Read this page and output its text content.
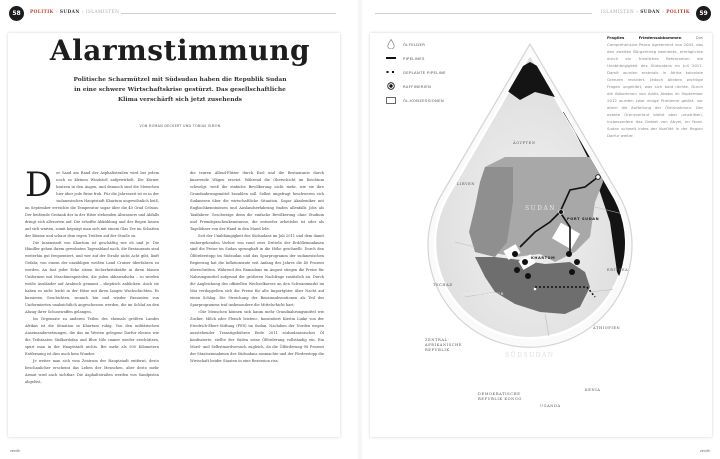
58	POLITIK › SUDAN › ISLAMISTEN	ISLAMISTEN › SUDAN › POLITIK	59
Alarmstimmung
Politische Scharmützel mit Südsudan haben die Republik Sudan in eine schwere Wirtschaftskrise gestürzt. Das gesellschaftliche Klima verschärft sich jetzt zusehends
VON ROMAN DECKERT UND TOBIAS SIMON

D er Sand am Rand der Asphaltstraßen wird bei jedem noch so kleinen Windstoß aufgewirbelt. Die Körner kratzen in den Augen, und dennoch sind die Menschen hier über jede Brise froh. Für die Jahreszeit ist es in der sudanesischen Hauptstadt Khartum ungewöhnlich heiß, im September erreichte die Temperatur sogar über die 40 Grad Celsius. Der beißende Gestank der in der Hitze stehenden Abwassers und Abfalls dringt sich allerorten auf. Die erhoffte Abkühlung und der Regen lassen auf sich warten, somit begnügt man sich mit einem Glas Tee im Schatten der Bäume und schaut dem regen Treiben auf der Straße zu.

Die Innenstadt von Khartum ist geschäftig wie eh und je. Die Händler gehen ihrem gewohnten Tagesablauf nach, die Restaurants sind weiterhin gut frequentiert, und wer auf der Straße nicht Acht gibt, läuft Gefahr, von einem der unzähligen weißen Land Cruiser überfahren zu werden. An fast jeder Ecke sitzen Sicherheitskräfte in ihren blauen Uniformen mit Maschinenpistolen, die jeden skhawadscha – so werden weiße Ausländer auf Arabisch genannt – skeptisch anblicken. Auch sie haben es nicht leicht in der Hitze mit ihren langen Wachschichten. Es kursieren Geschichten, wonach hin und wieder Passanten von Uniformierten unabsichtlich angeschossen werden, die im Schlaf an den Abzug ihrer Schusswaffen gelangen.

Im Gegensatz zu anderen Teilen des ehemals größten Landes Afrikas ist die Situation in Khartum ruhig. Von den militärischen Auseinandersetzungen, die das im Westen gelegene Darfur ebenso wie die Teilstaaten Südkordofan und Blue Nile immer wieder erschüttern, spürt man in der Hauptstadt nichts. Bei mehr als 500 Kilometern Entfernung ist dies auch kein Wunder.

Je weiter man sich vom Zentrum der Hauptstadt entfernt, desto beschaulicher erscheint das Leben der Menschen, aber desto mehr Armut wird auch sichtbar. Die Asphaltstraßen werden von Sandpisten abgelöst,

die teuren Allrad-Flitzer durch Esel und die Restaurants durch knarrende Wägen ersetzt. Während die Oberschicht im Reichtum schwelgt, weiß die einfache Bevölkerung nicht mehr, wie sie ihre Grundnahrungsmittel bezahlen soll. Selbst ungefragt beschweren sich Sudanesen über die wirtschaftliche Situation. Sogar Akademiker mit Englischkenntnissen und Auslandserfahrung finden allenfalls Jobs als Taxifahrer. Geschweige denn die einfache Bevölkerung ohne Studium und Fremdsprachenkenntnisse, die entweder arbeitslos ist oder als Tagelöhner von der Hand in den Mund lebt.

Seit der Unabhängigkeit des Südsudans im Juli 2011 und dem damit einhergehenden Verlust von rund zwei Dritteln der Erdölleinnahmen sind die Preise im Sudan sprunghaft in die Höhe geschnellt. Durch den Ölförderstopp im Südsudan und das Sparprogramm der sudanesischen Regierung hat die Inflationsrate seit Anfang des Jahres die 40 Prozent überschritten. Während des Ramadans im August stiegen die Preise für Nahrungsmittel aufgrund der größeren Nachfrage zusätzlich an. Durch die Angleichung des offiziellen Wechselkurses an den Schwarzmarkt im Mai verdoppelten sich die Preise für alle Importgüter über Nacht auf einen Schlag. Die Streichung der Benzinsubventionen als Teil des Sparprogramms traf insbesondere die Mittelschicht hart.

»Die Menschen können sich kaum mehr Grundnahrungsmittel wie Zucker, Milch oder Fleisch leisten«, konstatiert Kirstin Linke von der Friedrich-Ebert-Stiftung (FES) im Sudan. Nachdem der Norden wegen ausstehender Transitgebühren Ende 2011 südsudanesisches Öl konfiszierte, stellte der Süden seine Ölförderung vollständig ein. Ein Mord- und Selbstmordversuch zugleich, da die Ölförderung 98 Prozent der Staatseinnahmen des Südsudans ausmachte und der Förderstopp die Wirtschaft beider Staaten in eine Rezession riss.

ÖLFELDER
PIPELINES
GEPLANTE PIPELINE
RAFFINERIEN
ÖL-KONZESSIONEN
Fragiles Friedensabkommen	Das Comprehensive Peace Agreement von 2005, das den zweiten Bürgerkrieg beendete, ermöglichte durch ein friedliches Referendum die Unabhängigkeit des Südsudans im Juli 2011. Damit wurden erstmals in Afrika koloniale Grenzen revidiert. Jedoch blieben wichtige Fragen ungeklärt, was sich bald rächte. Durch die Abkommen von Addis Abeba im September 2012 wurden zwar einige Probleme gelöst, vor allem die Aufteilung der Öleinnahmen. Der exakte Grenzverlauf bleibt aber umstritten, insbesondere das Gebiet von Abyei, im Nord-Sudan schwelt indes der Konflikt in der Region Darfur weiter.
ÄGYPTEN
LIBYEN
SUDAN
PORT SUDAN
KHARTUM
ERITREA
TSCHAD
REGION DARFUR
ÄTHIOPIEN
ZENTRAL-
AFRIKANISCHE
REPUBLIK
SÜDSUDAN
JUBA
KENIA
DEMOKRATISCHE
REPUBLIK KONGO
UGANDA
zenith	zenith
